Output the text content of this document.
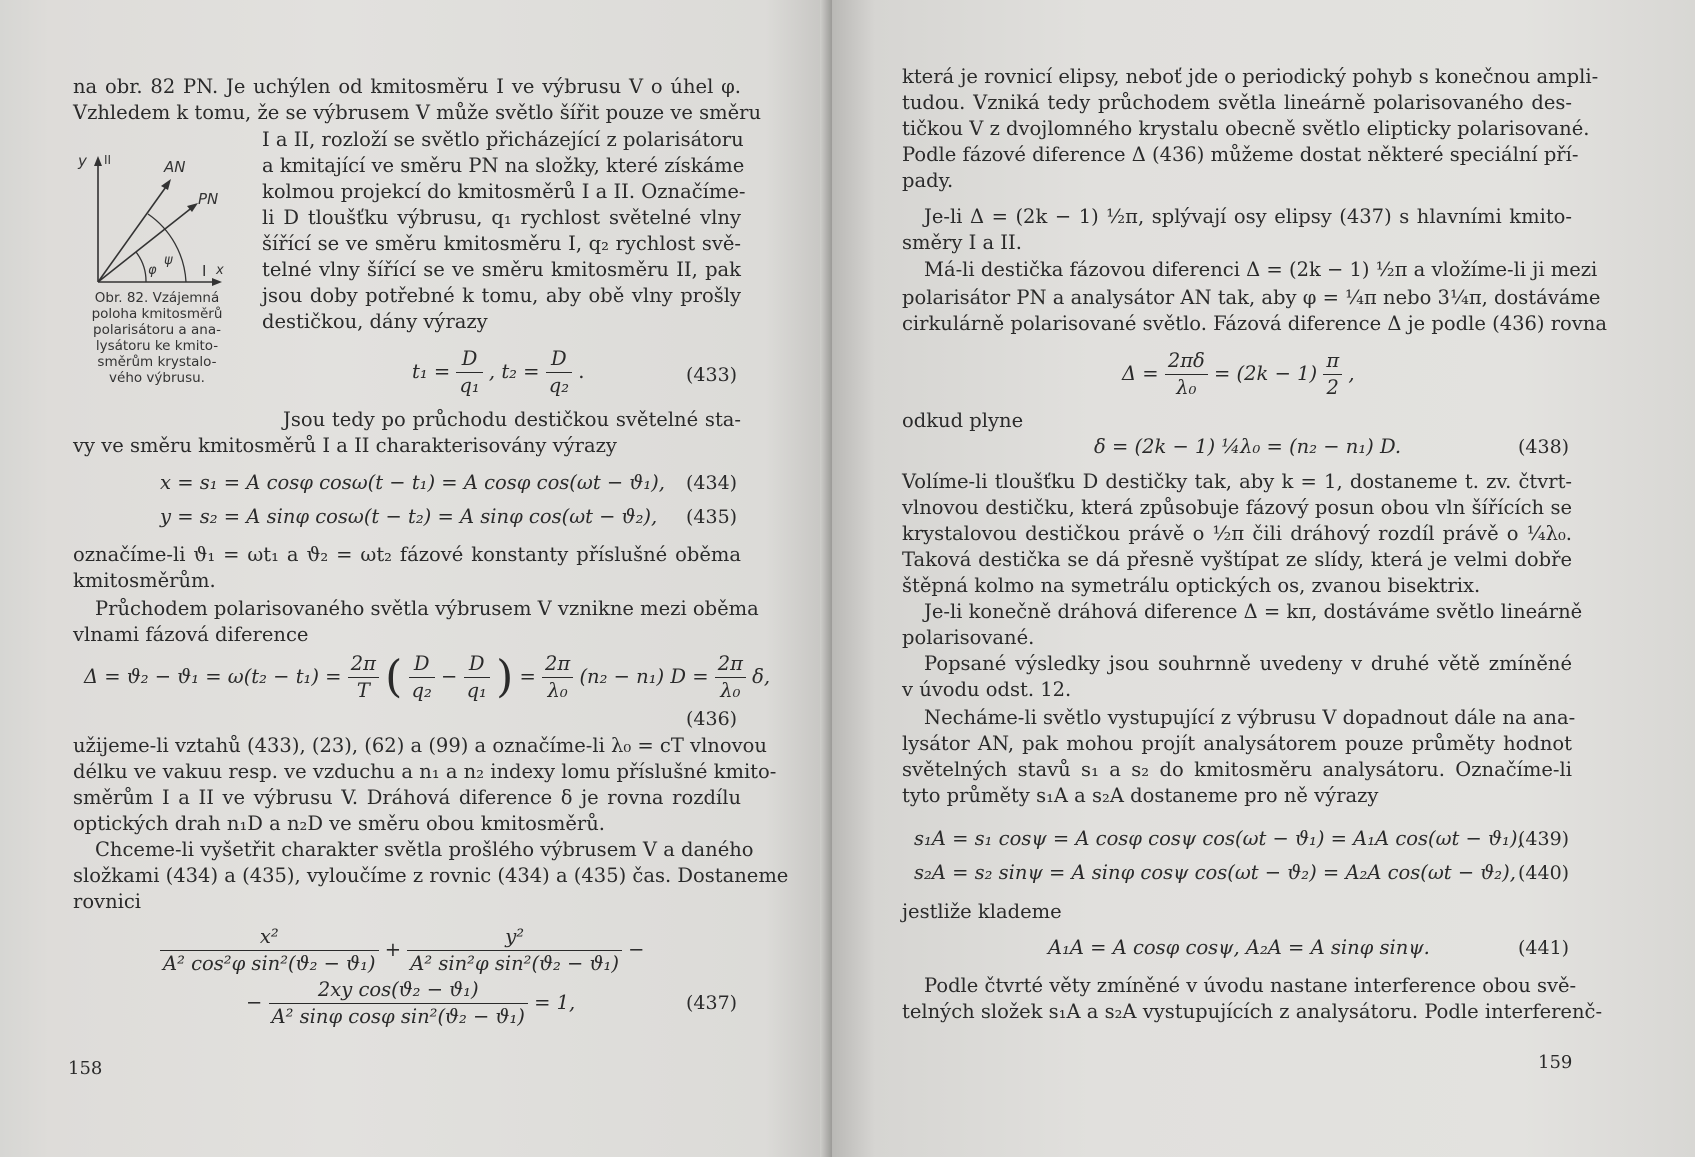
na obr. 82 PN. Je uchýlen od kmitosměru I ve výbrusu V o úhel φ.
Vzhledem k tomu, že se výbrusem V může světlo šířit pouze ve směru
I a II, rozloží se světlo přicházející z polarisátoru
a kmitající ve směru PN na složky, které získáme
kolmou projekcí do kmitosměrů I a II. Označíme-
li D tloušťku výbrusu, q₁ rychlost světelné vlny
šířící se ve směru kmitosměru I, q₂ rychlost svě-
telné vlny šířící se ve směru kmitosměru II, pak
jsou doby potřebné k tomu, aby obě vlny prošly
destičkou, dány výrazy
y II	AN
PN
φ
ψ
I x
Obr. 82. Vzájemná
poloha kmitosměrů
polarisátoru a ana-
lysátoru ke kmito-
směrům krystalo-
vého výbrusu.	$t_1 = \frac{D}{\text{q₁}}$ , $t_2 = \frac{D}{\text{q₂}}$ .	(433)
Jsou tedy po průchodu destičkou světelné sta-
vy ve směru kmitosměrů I a II charakterisovány výrazy
x = s₁ = A cosφ cosω(t − t₁) = A cosφ cos(ωt − ϑ₁), (434)
y = s₂ = A sinφ cosω(t − t₂) = A sinφ cos(ωt − ϑ₂), (435)
označíme-li ϑ₁ = ωt₁ a ϑ₂ = ωt₂ fázové konstanty příslušné oběma
kmitosměrům.
Průchodem polarisovaného světla výbrusem V vznikne mezi oběma
vlnami fázová diference
$\Delta = ϑ_2 - ϑ_1 = \omega(t_2 - t_1) = \frac{2\pi}{T}$ ( $\frac{D}{\text{q₂}} - \frac{D}{\text{q₁}}$ ) = $\frac{2\pi}{\text{λ₀}} (n_2 - n_1) D = \frac{2\pi}{\text{λ₀}} \delta$,
(436)
užijeme-li vztahů (433), (23), (62) a (99) a označíme-li λ₀ = cT vlnovou
délku ve vakuu resp. ve vzduchu a n₁ a n₂ indexy lomu příslušné kmito-
směrům I a II ve výbrusu V. Dráhová diference δ je rovna rozdílu
optických drah n₁D a n₂D ve směru obou kmitosměrů.
Chceme-li vyšetřit charakter světla prošlého výbrusem V a daného
složkami (434) a (435), vyloučíme z rovnic (434) a (435) čas. Dostaneme
rovnici
$\frac{\text{x²}}{\text{A² cos²φ sin²(ϑ₂ − ϑ₁)}} + \frac{\text{y²}}{\text{A² sin²φ sin²(ϑ₂ − ϑ₁)}}$ −
− $\frac{\text{2xy cos(ϑ₂ − ϑ₁)}}{\text{A² sinφ cosφ sin²(ϑ₂ − ϑ₁)}} = 1$,	(437)
158
která je rovnicí elipsy, neboť jde o periodický pohyb s konečnou ampli-
tudou. Vzniká tedy průchodem světla lineárně polarisovaného des-
tičkou V z dvojlomného krystalu obecně světlo elipticky polarisované.
Podle fázové diference Δ (436) můžeme dostat některé speciální pří-
pady.
Je-li Δ = (2k − 1) ½π, splývají osy elipsy (437) s hlavními kmito-
směry I a II.
Má-li destička fázovou diferenci Δ = (2k − 1) ½π a vložíme-li ji mezi
polarisátor PN a analysátor AN tak, aby φ = ¼π nebo 3¼π, dostáváme
cirkulárně polarisované světlo. Fázová diference Δ je podle (436) rovna
$\Delta = \frac{2\pi\delta}{\text{λ₀}} = (2k - 1) \frac{\pi}{2}$ ,
odkud plyne
δ = (2k − 1) ¼λ₀ = (n₂ − n₁) D.	(438)
Volíme-li tloušťku D destičky tak, aby k = 1, dostaneme t. zv. čtvrt-
vlnovou destičku, která způsobuje fázový posun obou vln šířících se
krystalovou destičkou právě o ½π čili dráhový rozdíl právě o ¼λ₀.
Taková destička se dá přesně vyštípat ze slídy, která je velmi dobře
štěpná kolmo na symetrálu optických os, zvanou bisektrix.
Je-li konečně dráhová diference Δ = kπ, dostáváme světlo lineárně
polarisované.
Popsané výsledky jsou souhrnně uvedeny v druhé větě zmíněné
v úvodu odst. 12.
Necháme-li světlo vystupující z výbrusu V dopadnout dále na ana-
lysátor AN, pak mohou projít analysátorem pouze průměty hodnot
světelných stavů s₁ a s₂ do kmitosměru analysátoru. Označíme-li
tyto průměty s₁A a s₂A dostaneme pro ně výrazy
s₁A = s₁ cosψ = A cosφ cosψ cos(ωt − ϑ₁) = A₁A cos(ωt − ϑ₁),
(439)
s₂A = s₂ sinψ = A sinφ cosψ cos(ωt − ϑ₂) = A₂A cos(ωt − ϑ₂), (440)
jestliže klademe
A₁A = A cosφ cosψ, A₂A = A sinφ sinψ.	(441)
Podle čtvrté věty zmíněné v úvodu nastane interference obou svě-
telných složek s₁A a s₂A vystupujících z analysátoru. Podle interferenč-
159
